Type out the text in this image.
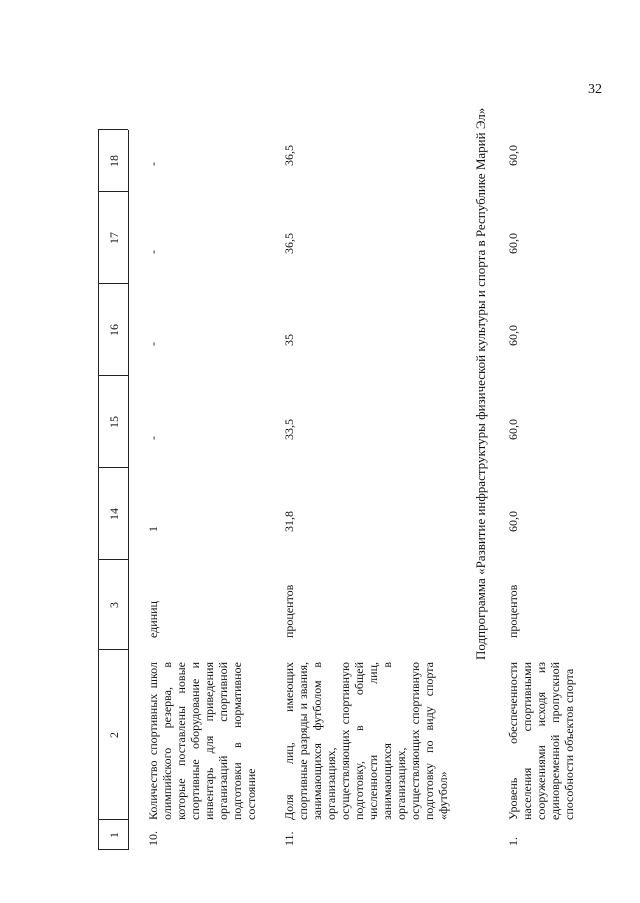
32
1
2
3
14
15
16
17
18
10.
Количество спортивных школ олимпийского резерва, в которые поставлены новые спортивные оборудование и инвентарь для приведения организаций спортивной подготовки в нормативное состояние
единиц
1
-
-
-
-
11.
Доля лиц, имеющих спортивные разряды и звания, занимающихся футболом в организациях, осуществляющих спортивную подготовку, в общей численности лиц, занимающихся в организациях, осуществляющих спортивную подготовку по виду спорта «футбол»
процентов
31,8
33,5
35
36,5
36,5	Подпрограмма «Развитие инфраструктуры физической культуры и спорта в Республике Марий Эл»
1.
Уровень обеспеченности населения спортивными сооружениями исходя из единовременной пропускной способности объектов спорта
процентов
60,0
60,0
60,0
60,0
60,0
